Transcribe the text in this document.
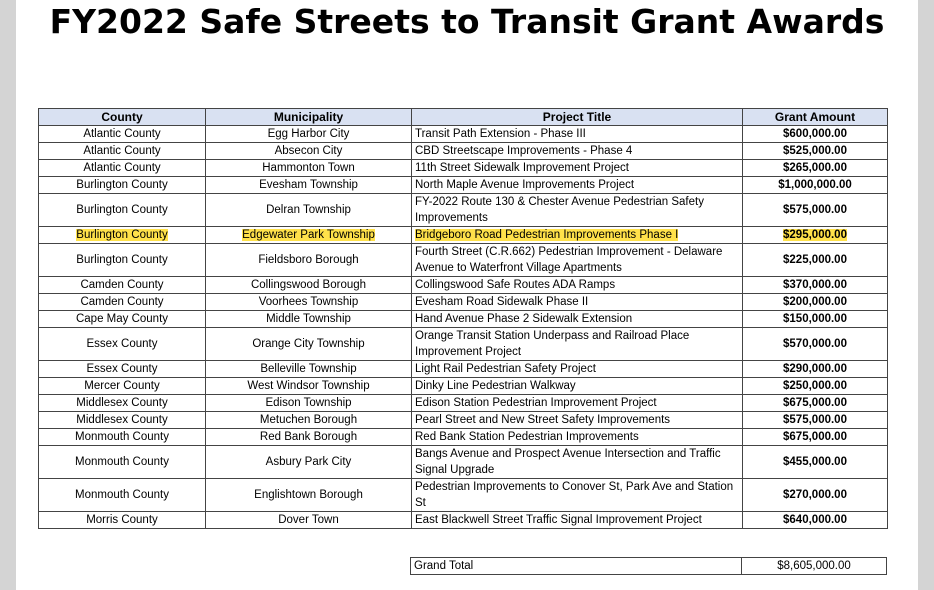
FY2022 Safe Streets to Transit Grant Awards
County	Municipality	Project Title	Grant Amount
Atlantic County	Egg Harbor City	Transit Path Extension - Phase III	$600,000.00
Atlantic County	Absecon City	CBD Streetscape Improvements - Phase 4	$525,000.00
Atlantic County	Hammonton Town	11th Street Sidewalk Improvement Project	$265,000.00
Burlington County	Evesham Township	North Maple Avenue Improvements Project	$1,000,000.00
Burlington County	Delran Township	FY-2022 Route 130 & Chester Avenue Pedestrian Safety Improvements	$575,000.00
Burlington County	Edgewater Park Township	Bridgeboro Road Pedestrian Improvements Phase I	$295,000.00
Burlington County	Fieldsboro Borough	Fourth Street (C.R.662) Pedestrian Improvement - Delaware Avenue to Waterfront Village Apartments	$225,000.00
Camden County	Collingswood Borough	Collingswood Safe Routes ADA Ramps	$370,000.00
Camden County	Voorhees Township	Evesham Road Sidewalk Phase II	$200,000.00
Cape May County	Middle Township	Hand Avenue Phase 2 Sidewalk Extension	$150,000.00
Essex County	Orange City Township	Orange Transit Station Underpass and Railroad Place Improvement Project	$570,000.00
Essex County	Belleville Township	Light Rail Pedestrian Safety Project	$290,000.00
Mercer County	West Windsor Township	Dinky Line Pedestrian Walkway	$250,000.00
Middlesex County	Edison Township	Edison Station Pedestrian Improvement Project	$675,000.00
Middlesex County	Metuchen Borough	Pearl Street and New Street Safety Improvements	$575,000.00
Monmouth County	Red Bank Borough	Red Bank Station Pedestrian Improvements	$675,000.00
Monmouth County	Asbury Park City	Bangs Avenue and Prospect Avenue Intersection and Traffic Signal Upgrade	$455,000.00
Monmouth County	Englishtown Borough	Pedestrian Improvements to Conover St, Park Ave and Station St	$270,000.00
Morris County	Dover Town	East Blackwell Street Traffic Signal Improvement Project	$640,000.00
Grand Total	$8,605,000.00
